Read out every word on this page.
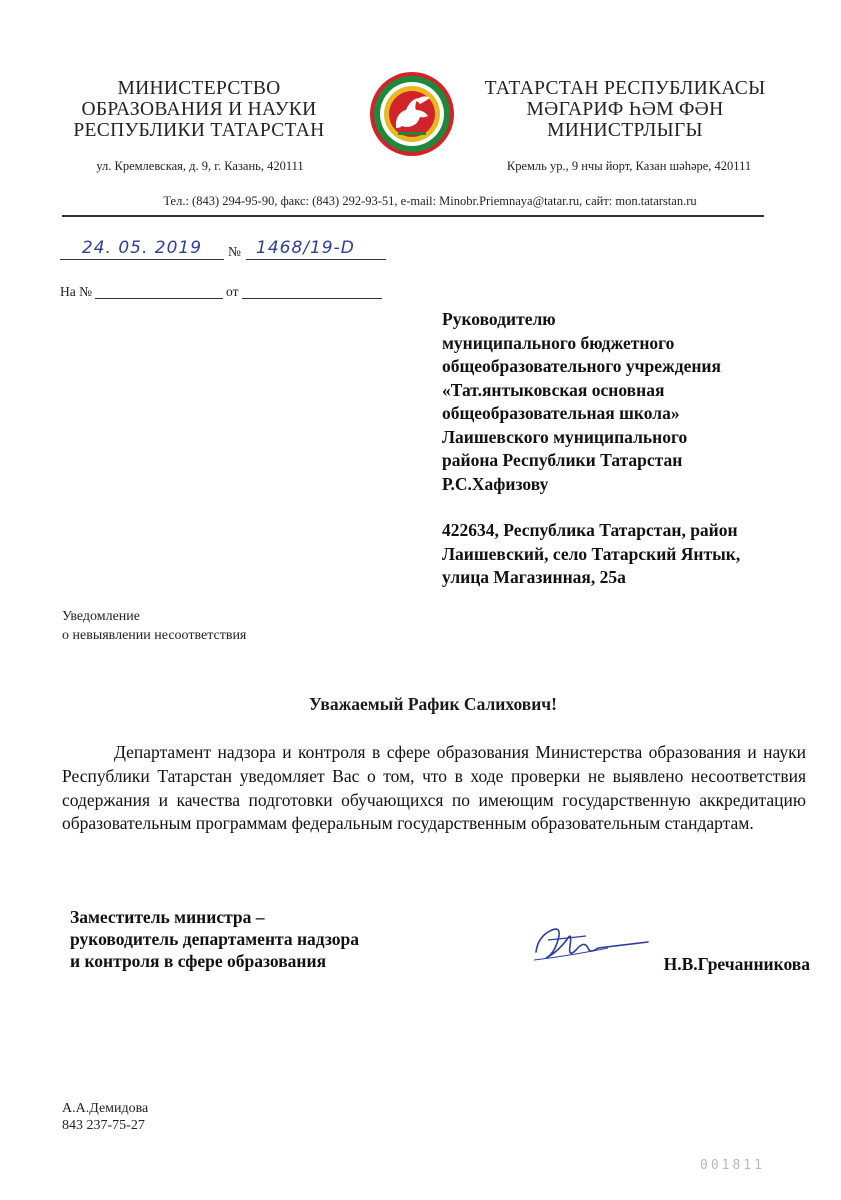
МИНИСТЕРСТВО
ОБРАЗОВАНИЯ И НАУКИ
РЕСПУБЛИКИ ТАТАРСТАН
ТАТАРСТАН РЕСПУБЛИКАСЫ
МӘГАРИФ ҺӘМ ФӘН
МИНИСТРЛЫГЫ
ул. Кремлевская, д. 9, г. Казань, 420111	Кремль ур., 9 нчы йорт, Казан шәһәре, 420111
Тел.: (843) 294-95-90, факс: (843) 292-93-51, e-mail: Minobr.Priemnaya@tatar.ru, сайт: mon.tatarstan.ru
24. 05. 2019	№ 1468/19-D
На №	от
Руководителю
муниципального бюджетного
общеобразовательного учреждения
«Тат.янтыковская основная
общеобразовательная школа»
Лаишевского муниципального
района Республики Татарстан
Р.С.Хафизову
422634, Республика Татарстан, район
Лаишевский, село Татарский Янтык,
улица Магазинная, 25а
Уведомление
о невыявлении несоответствия
Уважаемый Рафик Салихович!
Департамент надзора и контроля в сфере образования Министерства образования и науки Республики Татарстан уведомляет Вас о том, что в ходе проверки не выявлено несоответствия содержания и качества подготовки обучающихся по имеющим государственную аккредитацию образовательным программам федеральным государственным образовательным стандартам.
Заместитель министра –
руководитель департамента надзора
и контроля в сфере образования	Н.В.Гречанникова
А.А.Демидова
843 237-75-27
001811
